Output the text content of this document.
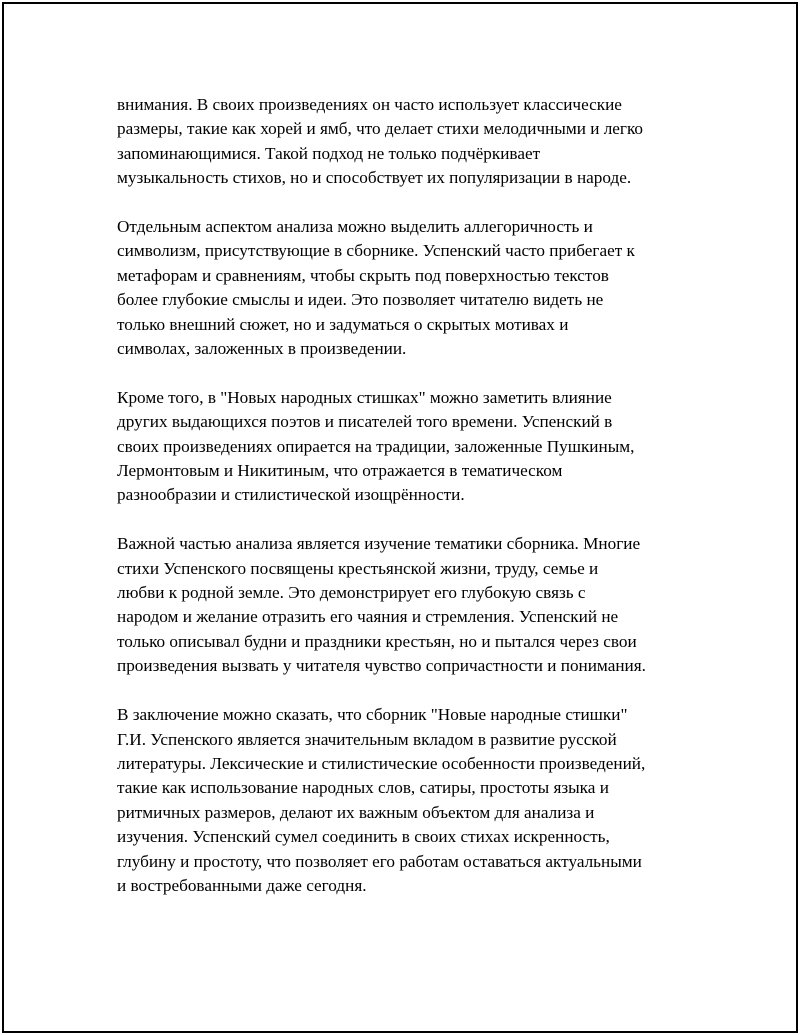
внимания. В своих произведениях он часто использует классические
размеры, такие как хорей и ямб, что делает стихи мелодичными и легко
запоминающимися. Такой подход не только подчёркивает
музыкальность стихов, но и способствует их популяризации в народе.

Отдельным аспектом анализа можно выделить аллегоричность и
символизм, присутствующие в сборнике. Успенский часто прибегает к
метафорам и сравнениям, чтобы скрыть под поверхностью текстов
более глубокие смыслы и идеи. Это позволяет читателю видеть не
только внешний сюжет, но и задуматься о скрытых мотивах и
символах, заложенных в произведении.

Кроме того, в "Новых народных стишках" можно заметить влияние
других выдающихся поэтов и писателей того времени. Успенский в
своих произведениях опирается на традиции, заложенные Пушкиным,
Лермонтовым и Никитиным, что отражается в тематическом
разнообразии и стилистической изощрённости.

Важной частью анализа является изучение тематики сборника. Многие
стихи Успенского посвящены крестьянской жизни, труду, семье и
любви к родной земле. Это демонстрирует его глубокую связь с
народом и желание отразить его чаяния и стремления. Успенский не
только описывал будни и праздники крестьян, но и пытался через свои
произведения вызвать у читателя чувство сопричастности и понимания.

В заключение можно сказать, что сборник "Новые народные стишки"
Г.И. Успенского является значительным вкладом в развитие русской
литературы. Лексические и стилистические особенности произведений,
такие как использование народных слов, сатиры, простоты языка и
ритмичных размеров, делают их важным объектом для анализа и
изучения. Успенский сумел соединить в своих стихах искренность,
глубину и простоту, что позволяет его работам оставаться актуальными
и востребованными даже сегодня.
